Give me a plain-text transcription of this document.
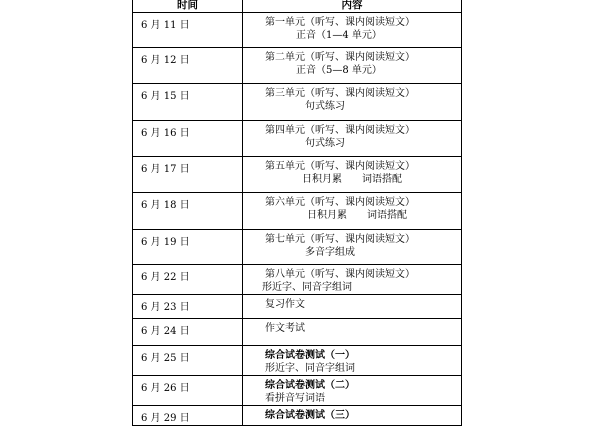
时间	内容
6 月 11 日	第一单元（听写、课内阅读短文）
正音（1—4 单元）

6 月 12 日	第二单元（听写、课内阅读短文）
正音（5—8 单元）

6 月 15 日	第三单元（听写、课内阅读短文）
句式练习

6 月 16 日	第四单元（听写、课内阅读短文）
句式练习

6 月 17 日	第五单元（听写、课内阅读短文）
日积月累　　词语搭配

6 月 18 日	第六单元（听写、课内阅读短文）
日积月累　　词语搭配

6 月 19 日	第七单元（听写、课内阅读短文）
多音字组成

6 月 22 日	第八单元（听写、课内阅读短文）
形近字、同音字组词

6 月 23 日	复习作文

6 月 24 日	作文考试

6 月 25 日	综合试卷测试（一）
形近字、同音字组词

6 月 26 日	综合试卷测试（二）
看拼音写词语

6 月 29 日	综合试卷测试（三）
